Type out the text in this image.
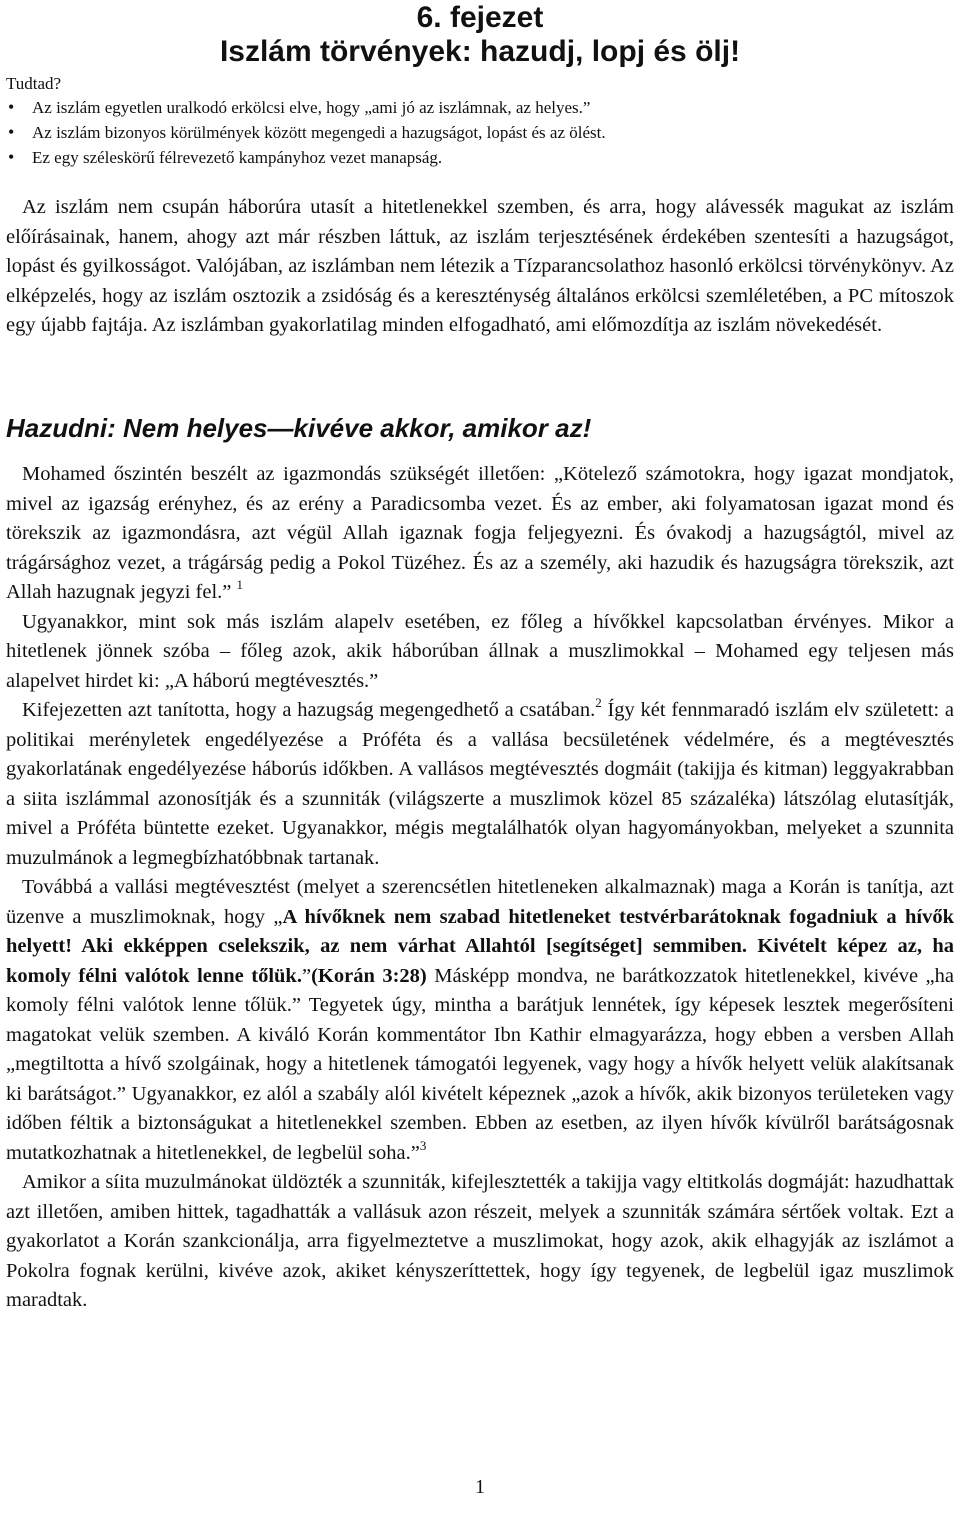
6. fejezet
Iszlám törvények: hazudj, lopj és ölj!
Tudtad?
• Az iszlám egyetlen uralkodó erkölcsi elve, hogy „ami jó az iszlámnak, az helyes.”
• Az iszlám bizonyos körülmények között megengedi a hazugságot, lopást és az ölést.
• Ez egy széleskörű félrevezető kampányhoz vezet manapság.

Az iszlám nem csupán háborúra utasít a hitetlenekkel szemben, és arra, hogy alávessék magukat az iszlám előírásainak, hanem, ahogy azt már részben láttuk, az iszlám terjesztésének érdekében szentesíti a hazugságot, lopást és gyilkosságot. Valójában, az iszlámban nem létezik a Tízparancsolathoz hasonló erkölcsi törvénykönyv. Az elképzelés, hogy az iszlám osztozik a zsidóság és a kereszténység általános erkölcsi szemléletében, a PC mítoszok egy újabb fajtája. Az iszlámban gyakorlatilag minden elfogadható, ami előmozdítja az iszlám növekedését.

Hazudni: Nem helyes—kivéve akkor, amikor az!

Mohamed őszintén beszélt az igazmondás szükségét illetően: „Kötelező számotokra, hogy igazat mondjatok, mivel az igazság erényhez, és az erény a Paradicsomba vezet. És az ember, aki folyamatosan igazat mond és törekszik az igazmondásra, azt végül Allah igaznak fogja feljegyezni. És óvakodj a hazugságtól, mivel az trágársághoz vezet, a trágárság pedig a Pokol Tüzéhez. És az a személy, aki hazudik és hazugságra törekszik, azt Allah hazugnak jegyzi fel.” $^1$

Ugyanakkor, mint sok más iszlám alapelv esetében, ez főleg a hívőkkel kapcsolatban érvényes. Mikor a hitetlenek jönnek szóba – főleg azok, akik háborúban állnak a muszlimokkal – Mohamed egy teljesen más alapelvet hirdet ki: „A háború megtévesztés.”

Kifejezetten azt tanította, hogy a hazugság megengedhető a csatában.$^2$ Így két fennmaradó iszlám elv született: a politikai merényletek engedélyezése a Próféta és a vallása becsületének védelmére, és a megtévesztés gyakorlatának engedélyezése háborús időkben. A vallásos megtévesztés dogmáit (takijja és kitman) leggyakrabban a siita iszlámmal azonosítják és a szunniták (világszerte a muszlimok közel 85 százaléka) látszólag elutasítják, mivel a Próféta büntette ezeket. Ugyanakkor, mégis megtalálhatók olyan hagyományokban, melyeket a szunnita muzulmánok a legmegbízhatóbbnak tartanak.

Továbbá a vallási megtévesztést (melyet a szerencsétlen hitetleneken alkalmaznak) maga a Korán is tanítja, azt üzenve a muszlimoknak, hogy „A hívőknek nem szabad hitetleneket testvérbarátoknak fogadniuk a hívők helyett! Aki ekképpen cselekszik, az nem várhat Allahtól [segítséget] semmiben. Kivételt képez az, ha komoly félni valótok lenne tőlük.”(Korán 3:28) Másképp mondva, ne barátkozzatok hitetlenekkel, kivéve „ha komoly félni valótok lenne tőlük.” Tegyetek úgy, mintha a barátjuk lennétek, így képesek lesztek megerősíteni magatokat velük szemben. A kiváló Korán kommentátor Ibn Kathir elmagyarázza, hogy ebben a versben Allah „megtiltotta a hívő szolgáinak, hogy a hitetlenek támogatói legyenek, vagy hogy a hívők helyett velük alakítsanak ki barátságot.” Ugyanakkor, ez alól a szabály alól kivételt képeznek „azok a hívők, akik bizonyos területeken vagy időben féltik a biztonságukat a hitetlenekkel szemben. Ebben az esetben, az ilyen hívők kívülről barátságosnak mutatkozhatnak a hitetlenekkel, de legbelül soha.”$^3$

Amikor a síita muzulmánokat üldözték a szunniták, kifejlesztették a takijja vagy eltitkolás dogmáját: hazudhattak azt illetően, amiben hittek, tagadhatták a vallásuk azon részeit, melyek a szunniták számára sértőek voltak. Ezt a gyakorlatot a Korán szankcionálja, arra figyelmeztetve a muszlimokat, hogy azok, akik elhagyják az iszlámot a Pokolra fognak kerülni, kivéve azok, akiket kényszeríttettek, hogy így tegyenek, de legbelül igaz muszlimok maradtak.

1
